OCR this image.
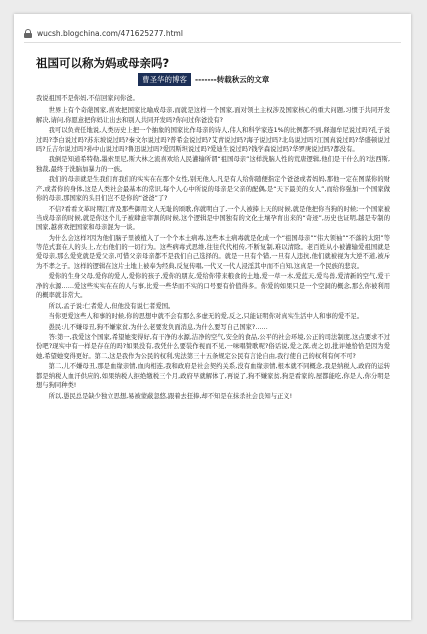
wucsh.blogchina.com/471625277.html
祖国可以称为妈或母亲吗?
曹圣华的博客	-------转载秋云的文章

我说祖国不是你妈,不信回家问你爸。

世界上有个奇葩国家,喜欢把国家比喻成母亲,而就是这样一个国家,面对领土主权涉及国家核心的重大问题,习惯于共同开发解决,请问,你愿意把你妈让出去和别人共同开发吗?你问过你爸没有?

我可以负责任地说,人类历史上把一个抽象的国家比作母亲的诗人,伟人和科学家连1%的比例都不到,释迦牟尼说过吗?孔子说过吗?李白说过吗?苏东坡说过吗?秦文尔说过吗?普希金说过吗?艾青说过吗?海子说过吗?北岛说过吗?江国真说过吗?华盛顿说过吗?丘吉尔说过吗?孙中山说过吗?鲁迅说过吗?爱因斯坦说过吗?爱迪生说过吗?钱学森说过吗?华罗庚说过吗?都没有。

我倒是知道希特勒,墨索里尼,斯大林之流喜欢给人民灌输所谓“祖国母亲”这样洗脑人性的荒唐逻辑,他们是干什么的?法西斯,独裁,最终于洗脑加暴力的一族。

我们的母亲就是生我们育我们的实实在在那个女性,别无他人,凡是有人给你随便指定个爸爸或者妈妈,那他一定在图谋你的财产,或者你的身体,这是人类社会最基本的常识,每个人心中所说的母亲是父亲的配偶,是“天下最美的女人”,而给你强加一个国家做你的母亲,那国家的头目们岂不是你的“爸爸”了?

不信?看看文革时期江青及那些御用文人无耻的颂歌,你就明白了,一个人被捧上天的时候,就是他把你当狗的时候;一个国家被当成母亲的时候,就是你这个儿子被肆意宰割的时候,这个逻辑是中国独有的文化土壤孕育出来的“奇迹”,历史也证明,越是专制的国家,越喜欢把国家和母亲混为一谈。

为什么会这样?因为他们脑子里被植入了一个个本土病毒,这些本土病毒就是化成一个“祖国母亲”“伟大领袖”“不落的太阳”等等范式套在人的头上,左右他们的一切行为。这些病毒式思维,往往代代相传,不断复制,难以清除。老百姓从小被灌输爱祖国就是爱母亲,那么爱党就是爱父亲,可惜父亲母亲都不是我们自己选择的。就是一旦有个错,一旦有人违抗,他们就被视为大逆不道,被斥为不孝之子。这样的逻辑在这片土地上被奉为经典,反复传唱,一代又一代人浸淫其中而不自知,这真是一个民族的悲哀。

爱你的生身父母,爱你的爱人,爱你的孩子,爱你的朋友,爱给你带来粮食的土地,爱一草一木,爱蓝天,爱鸟兽,爱清新的空气,爱干净的水源……爱这些实实在在的人与事,比爱一些华而不实的口号要有价值得多。你爱的如果只是一个空洞的概念,那么你被利用的概率就非常大。

所以,孟子说:仁者爱人,但他没有说仁者爱国。

当你更爱这些人和事的时候,你的思想中就不会有那么多虚无的爱,反之,只能证明你对真实生活中人和事的爱不足。

愚民:儿不嫌母丑,狗不嫌家贫,为什么老要发负面消息,为什么要写自己国家?……

答:第一,我爱这个国家,希望她变得好,有干净的水源,洁净的空气,安全的食品,公平的社会环境,公正的司法制度,这点要求不过份吧?现实中有一样是存在的吗?如果没有,我凭什么要装作视而不见,一味唱赞歌呢?俗话说,爱之深,责之切,批评她恰恰是因为爱她,希望她变得更好。第二,这是我作为公民的权利,宪法第三十五条规定公民有言论自由,我行使自己的权利有何不可?

第二,儿不嫌母丑,那是血缘亲情,血肉相连,我和政府是社会契约关系,没有血缘亲情,根本就不同概念,我是纳税人,政府的运转都是纳税人血汗供应的,如果纳税人拒绝缴税三个月,政府早就解体了,再说了,狗不嫌家贫,狗是看家的,屋都能吃,你是人,你分明是想与狗同种类!

所以,愚民总是缺少独立思想,易被蒙蔽忽悠,跟着去狂捧,却不知是在抹杀社会良知与正义!
